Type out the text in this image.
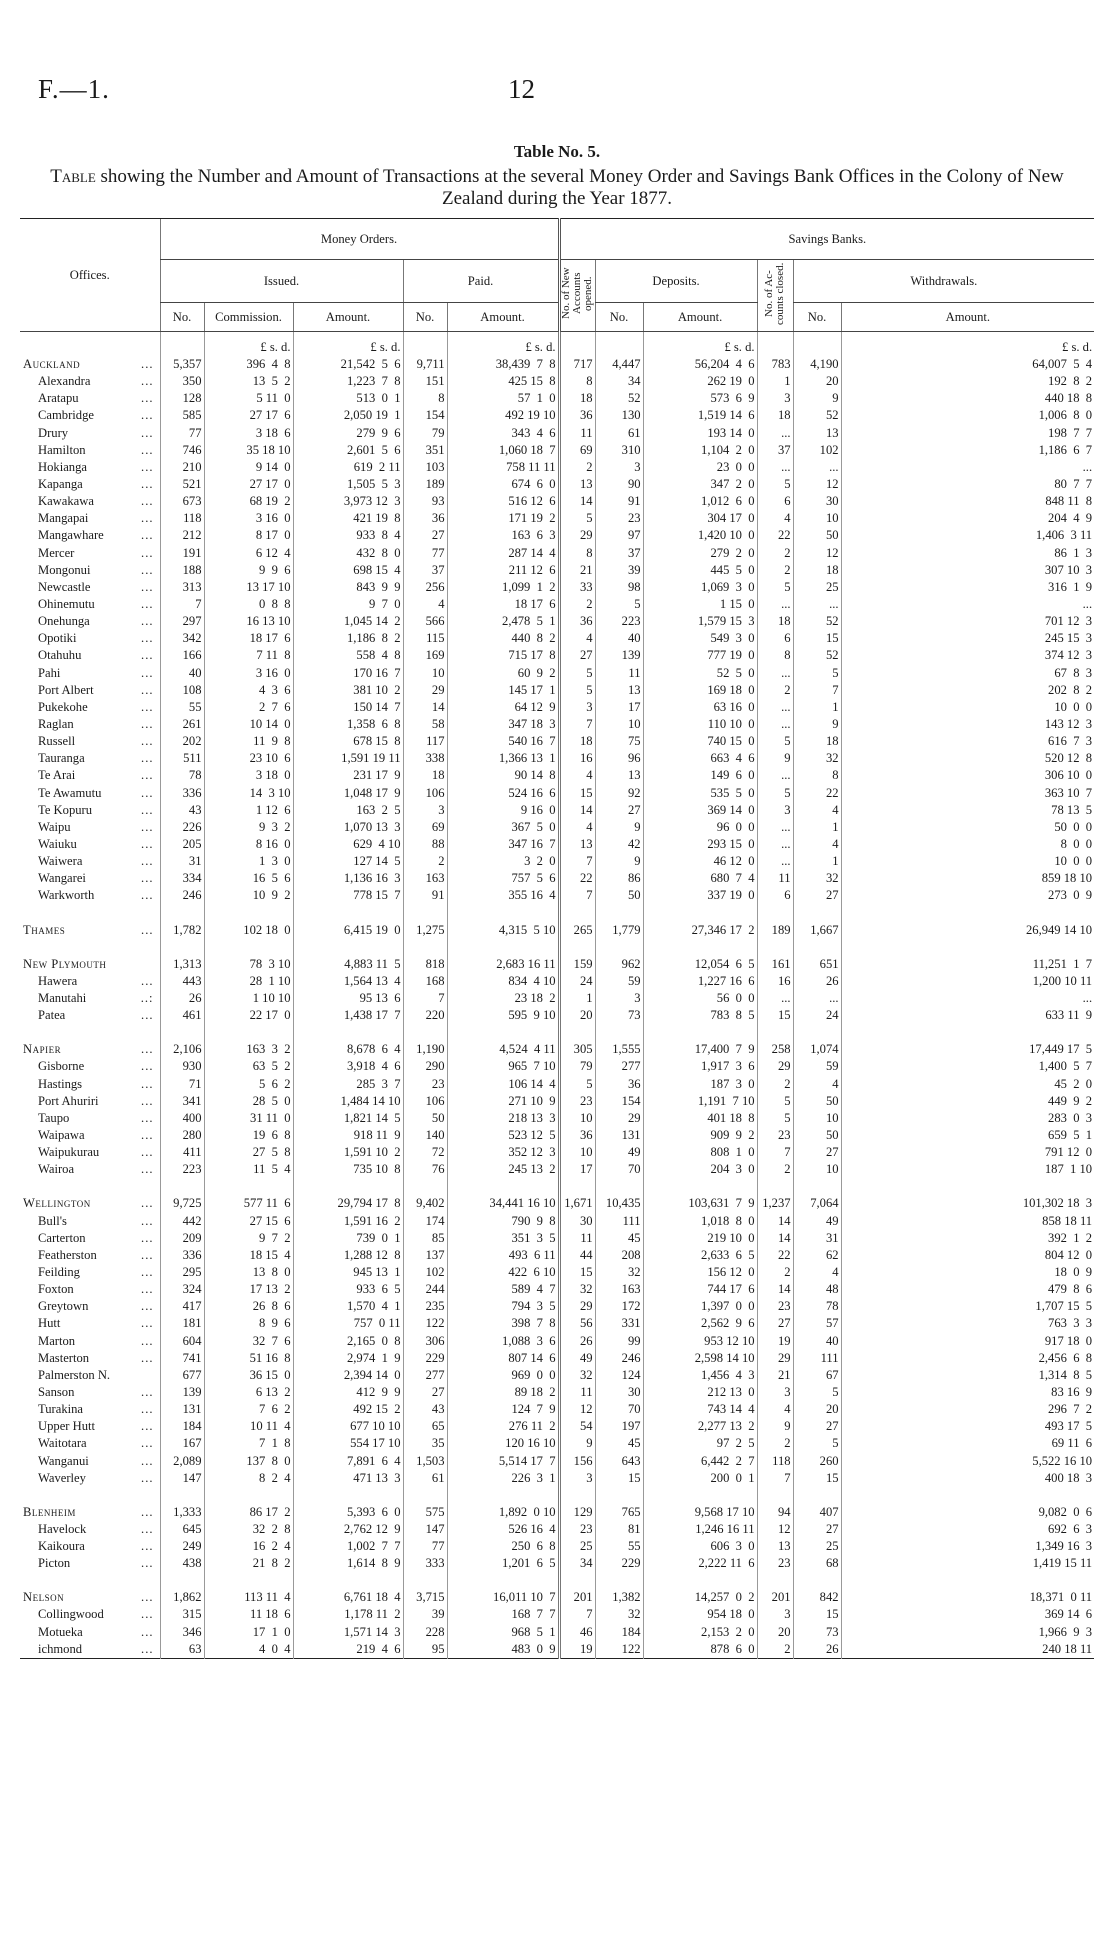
F.—1.	12
Table No. 5.
Table showing the Number and Amount of Transactions at the several Money Order and Savings Bank Offices in the Colony of New Zealand during the Year 1877.
Offices.	Money Orders.					Savings Banks.					
	Issued.			Paid.		No. of New Accounts opened.	Deposits.		No. of Ac- counts closed.	Withdrawals.	
	No.	Commission.	Amount.	No.	Amount.		No.	Amount.		No.	Amount.
		£ s. d.	£ s. d.		£ s. d.			£ s. d.			£ s. d.
Auckland ...	5,357	396  4  8	21,542  5  6	9,711	38,439  7  8	717	4,447	56,204  4  6	783	4,190	64,007  5  4
Alexandra ...	350	13  5  2	1,223  7  8	151	425 15  8	8	34	262 19  0	1	20	192  8  2
Aratapu ...	128	5 11  0	513  0  1	8	57  1  0	18	52	573  6  9	3	9	440 18  8
Cambridge ...	585	27 17  6	2,050 19  1	154	492 19 10	36	130	1,519 14  6	18	52	1,006  8  0
Drury ...	77	3 18  6	279  9  6	79	343  4  6	11	61	193 14  0	...	13	198  7  7
Hamilton ...	746	35 18 10	2,601  5  6	351	1,060 18  7	69	310	1,104  2  0	37	102	1,186  6  7
Hokianga ...	210	9 14  0	619  2 11	103	758 11 11	2	3	23  0  0	...	...	...
Kapanga ...	521	27 17  0	1,505  5  3	189	674  6  0	13	90	347  2  0	5	12	80  7  7
Kawakawa ...	673	68 19  2	3,973 12  3	93	516 12  6	14	91	1,012  6  0	6	30	848 11  8
Mangapai ...	118	3 16  0	421 19  8	36	171 19  2	5	23	304 17  0	4	10	204  4  9
Mangawhare ...	212	8 17  0	933  8  4	27	163  6  3	29	97	1,420 10  0	22	50	1,406  3 11
Mercer ...	191	6 12  4	432  8  0	77	287 14  4	8	37	279  2  0	2	12	86  1  3
Mongonui ...	188	9  9  6	698 15  4	37	211 12  6	21	39	445  5  0	2	18	307 10  3
Newcastle ...	313	13 17 10	843  9  9	256	1,099  1  2	33	98	1,069  3  0	5	25	316  1  9
Ohinemutu ...	7	0  8  8	9  7  0	4	18 17  6	2	5	1 15  0	...	...	...
Onehunga ...	297	16 13 10	1,045 14  2	566	2,478  5  1	36	223	1,579 15  3	18	52	701 12  3
Opotiki ...	342	18 17  6	1,186  8  2	115	440  8  2	4	40	549  3  0	6	15	245 15  3
Otahuhu ...	166	7 11  8	558  4  8	169	715 17  8	27	139	777 19  0	8	52	374 12  3
Pahi ...	40	3 16  0	170 16  7	10	60  9  2	5	11	52  5  0	...	5	67  8  3
Port Albert ...	108	4  3  6	381 10  2	29	145 17  1	5	13	169 18  0	2	7	202  8  2
Pukekohe ...	55	2  7  6	150 14  7	14	64 12  9	3	17	63 16  0	...	1	10  0  0
Raglan ...	261	10 14  0	1,358  6  8	58	347 18  3	7	10	110 10  0	...	9	143 12  3
Russell ...	202	11  9  8	678 15  8	117	540 16  7	18	75	740 15  0	5	18	616  7  3
Tauranga ...	511	23 10  6	1,591 19 11	338	1,366 13  1	16	96	663  4  6	9	32	520 12  8
Te Arai ...	78	3 18  0	231 17  9	18	90 14  8	4	13	149  6  0	...	8	306 10  0
Te Awamutu ...	336	14  3 10	1,048 17  9	106	524 16  6	15	92	535  5  0	5	22	363 10  7
Te Kopuru ...	43	1 12  6	163  2  5	3	9 16  0	14	27	369 14  0	3	4	78 13  5
Waipu ...	226	9  3  2	1,070 13  3	69	367  5  0	4	9	96  0  0	...	1	50  0  0
Waiuku ...	205	8 16  0	629  4 10	88	347 16  7	13	42	293 15  0	...	4	8  0  0
Waiwera ...	31	1  3  0	127 14  5	2	3  2  0	7	9	46 12  0	...	1	10  0  0
Wangarei ...	334	16  5  6	1,136 16  3	163	757  5  6	22	86	680  7  4	11	32	859 18 10
Warkworth ...	246	10  9  2	778 15  7	91	355 16  4	7	50	337 19  0	6	27	273  0  9

Thames ...	1,782	102 18  0	6,415 19  0	1,275	4,315  5 10	265	1,779	27,346 17  2	189	1,667	26,949 14 10

New Plymouth	1,313	78  3 10	4,883 11  5	818	2,683 16 11	159	962	12,054  6  5	161	651	11,251  1  7
Hawera ...	443	28  1 10	1,564 13  4	168	834  4 10	24	59	1,227 16  6	16	26	1,200 10 11
Manutahi ..:	26	1 10 10	95 13  6	7	23 18  2	1	3	56  0  0	...	...	...
Patea ...	461	22 17  0	1,438 17  7	220	595  9 10	20	73	783  8  5	15	24	633 11  9

Napier ...	2,106	163  3  2	8,678  6  4	1,190	4,524  4 11	305	1,555	17,400  7  9	258	1,074	17,449 17  5
Gisborne ...	930	63  5  2	3,918  4  6	290	965  7 10	79	277	1,917  3  6	29	59	1,400  5  7
Hastings ...	71	5  6  2	285  3  7	23	106 14  4	5	36	187  3  0	2	4	45  2  0
Port Ahuriri ...	341	28  5  0	1,484 14 10	106	271 10  9	23	154	1,191  7 10	5	50	449  9  2
Taupo ...	400	31 11  0	1,821 14  5	50	218 13  3	10	29	401 18  8	5	10	283  0  3
Waipawa ...	280	19  6  8	918 11  9	140	523 12  5	36	131	909  9  2	23	50	659  5  1
Waipukurau ...	411	27  5  8	1,591 10  2	72	352 12  3	10	49	808  1  0	7	27	791 12  0
Wairoa ...	223	11  5  4	735 10  8	76	245 13  2	17	70	204  3  0	2	10	187  1 10

Wellington ...	9,725	577 11  6	29,794 17  8	9,402	34,441 16 10	1,671	10,435	103,631  7  9	1,237	7,064	101,302 18  3
Bull's ...	442	27 15  6	1,591 16  2	174	790  9  8	30	111	1,018  8  0	14	49	858 18 11
Carterton ...	209	9  7  2	739  0  1	85	351  3  5	11	45	219 10  0	14	31	392  1  2
Featherston ...	336	18 15  4	1,288 12  8	137	493  6 11	44	208	2,633  6  5	22	62	804 12  0
Feilding ...	295	13  8  0	945 13  1	102	422  6 10	15	32	156 12  0	2	4	18  0  9
Foxton ...	324	17 13  2	933  6  5	244	589  4  7	32	163	744 17  6	14	48	479  8  6
Greytown ...	417	26  8  6	1,570  4  1	235	794  3  5	29	172	1,397  0  0	23	78	1,707 15  5
Hutt ...	181	8  9  6	757  0 11	122	398  7  8	56	331	2,562  9  6	27	57	763  3  3
Marton ...	604	32  7  6	2,165  0  8	306	1,088  3  6	26	99	953 12 10	19	40	917 18  0
Masterton ...	741	51 16  8	2,974  1  9	229	807 14  6	49	246	2,598 14 10	29	111	2,456  6  8
Palmerston N.	677	36 15  0	2,394 14  0	277	969  0  0	32	124	1,456  4  3	21	67	1,314  8  5
Sanson ...	139	6 13  2	412  9  9	27	89 18  2	11	30	212 13  0	3	5	83 16  9
Turakina ...	131	7  6  2	492 15  2	43	124  7  9	12	70	743 14  4	4	20	296  7  2
Upper Hutt ...	184	10 11  4	677 10 10	65	276 11  2	54	197	2,277 13  2	9	27	493 17  5
Waitotara ...	167	7  1  8	554 17 10	35	120 16 10	9	45	97  2  5	2	5	69 11  6
Wanganui ...	2,089	137  8  0	7,891  6  4	1,503	5,514 17  7	156	643	6,442  2  7	118	260	5,522 16 10
Waverley ...	147	8  2  4	471 13  3	61	226  3  1	3	15	200  0  1	7	15	400 18  3

Blenheim ...	1,333	86 17  2	5,393  6  0	575	1,892  0 10	129	765	9,568 17 10	94	407	9,082  0  6
Havelock ...	645	32  2  8	2,762 12  9	147	526 16  4	23	81	1,246 16 11	12	27	692  6  3
Kaikoura ...	249	16  2  4	1,002  7  7	77	250  6  8	25	55	606  3  0	13	25	1,349 16  3
Picton ...	438	21  8  2	1,614  8  9	333	1,201  6  5	34	229	2,222 11  6	23	68	1,419 15 11

Nelson ...	1,862	113 11  4	6,761 18  4	3,715	16,011 10  7	201	1,382	14,257  0  2	201	842	18,371  0 11
Collingwood ...	315	11 18  6	1,178 11  2	39	168  7  7	7	32	954 18  0	3	15	369 14  6
Motueka ...	346	17  1  0	1,571 14  3	228	968  5  1	46	184	2,153  2  0	20	73	1,966  9  3
ichmond ...	63	4  0  4	219  4  6	95	483  0  9	19	122	878  6  0	2	26	240 18 11
